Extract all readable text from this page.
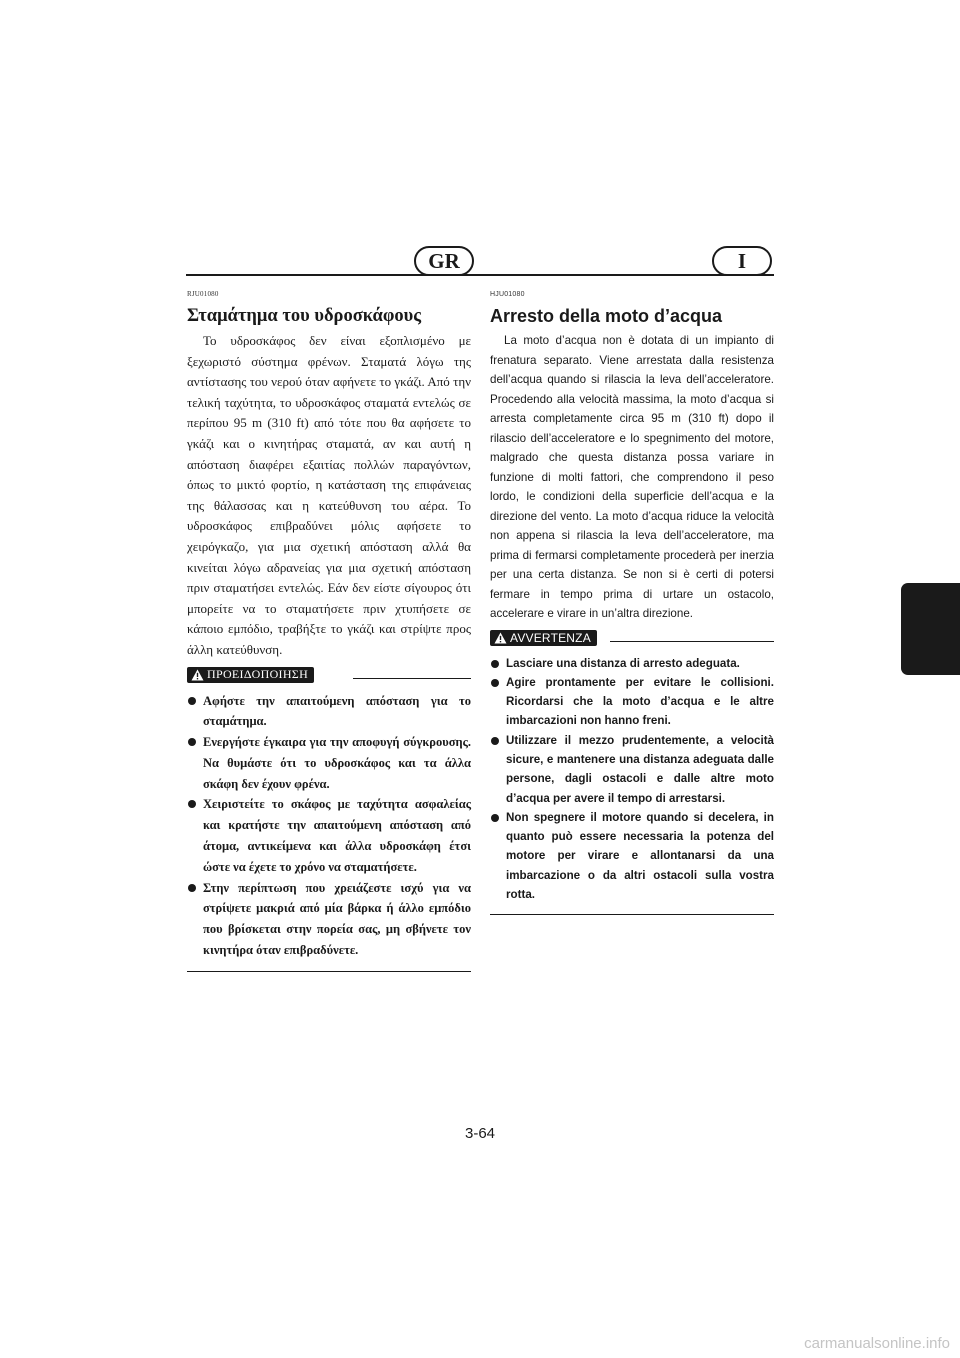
GR	I
RJU01080
Σταμάτημα του υδροσκάφους

Το υδροσκάφος δεν είναι εξοπλισμένο με ξεχωριστό σύστημα φρένων. Σταματά λόγω της αντίστασης του νερού όταν αφήνετε το γκάζι. Από την τελική ταχύτητα, το υδροσκάφος σταματά εντελώς σε περίπου 95 m (310 ft) από τότε που θα αφήσετε το γκάζι και ο κινητήρας σταματά, αν και αυτή η απόσταση διαφέρει εξαιτίας πολλών παραγόντων, όπως το μικτό φορτίο, η κατάσταση της επιφάνειας της θάλασσας και η κατεύθυνση του αέρα. Το υδροσκάφος επιβραδύνει μόλις αφήσετε το χειρόγκαζο, για μια σχετική απόσταση αλλά θα κινείται λόγω αδρανείας για μια σχετική απόσταση πριν σταματήσει εντελώς. Εάν δεν είστε σίγουρος ότι μπορείτε να το σταματήσετε πριν χτυπήσετε σε κάποιο εμπόδιο, τραβήξτε το γκάζι και στρίψτε προς άλλη κατεύθυνση.

ΠΡΟΕΙΔΟΠΟΙΗΣΗ
Αφήστε την απαιτούμενη απόσταση για το σταμάτημα.
Ενεργήστε έγκαιρα για την αποφυγή σύγκρουσης. Να θυμάστε ότι το υδροσκάφος και τα άλλα σκάφη δεν έχουν φρένα.
Χειριστείτε το σκάφος με ταχύτητα ασφαλείας και κρατήστε την απαιτούμενη απόσταση από άτομα, αντικείμενα και άλλα υδροσκάφη έτσι ώστε να έχετε το χρόνο να σταματήσετε.
Στην περίπτωση που χρειάζεστε ισχύ για να στρίψετε μακριά από μία βάρκα ή άλλο εμπόδιο που βρίσκεται στην πορεία σας, μη σβήνετε τον κινητήρα όταν επιβραδύνετε.
HJU01080
Arresto della moto d’acqua

La moto d’acqua non è dotata di un impianto di frenatura separato. Viene arrestata dalla resistenza dell’acqua quando si rilascia la leva dell’acceleratore. Procedendo alla velocità massima, la moto d’acqua si arresta completamente circa 95 m (310 ft) dopo il rilascio dell’acceleratore e lo spegnimento del motore, malgrado che questa distanza possa variare in funzione di molti fattori, che comprendono il peso lordo, le condizioni della superficie dell’acqua e la direzione del vento. La moto d’acqua riduce la velocità non appena si rilascia la leva dell’acceleratore, ma prima di fermarsi completamente procederà per inerzia per una certa distanza. Se non si è certi di potersi fermare in tempo prima di urtare un ostacolo, accelerare e virare in un’altra direzione.

AVVERTENZA
Lasciare una distanza di arresto adeguata.
Agire prontamente per evitare le collisioni. Ricordarsi che la moto d’acqua e le altre imbarcazioni non hanno freni.
Utilizzare il mezzo prudentemente, a velocità sicure, e mantenere una distanza adeguata dalle persone, dagli ostacoli e dalle altre moto d’acqua per avere il tempo di arrestarsi.
Non spegnere il motore quando si decelera, in quanto può essere necessaria la potenza del motore per virare e allontanarsi da una imbarcazione o da altri ostacoli sulla vostra rotta.
3-64
carmanualsonline.info
